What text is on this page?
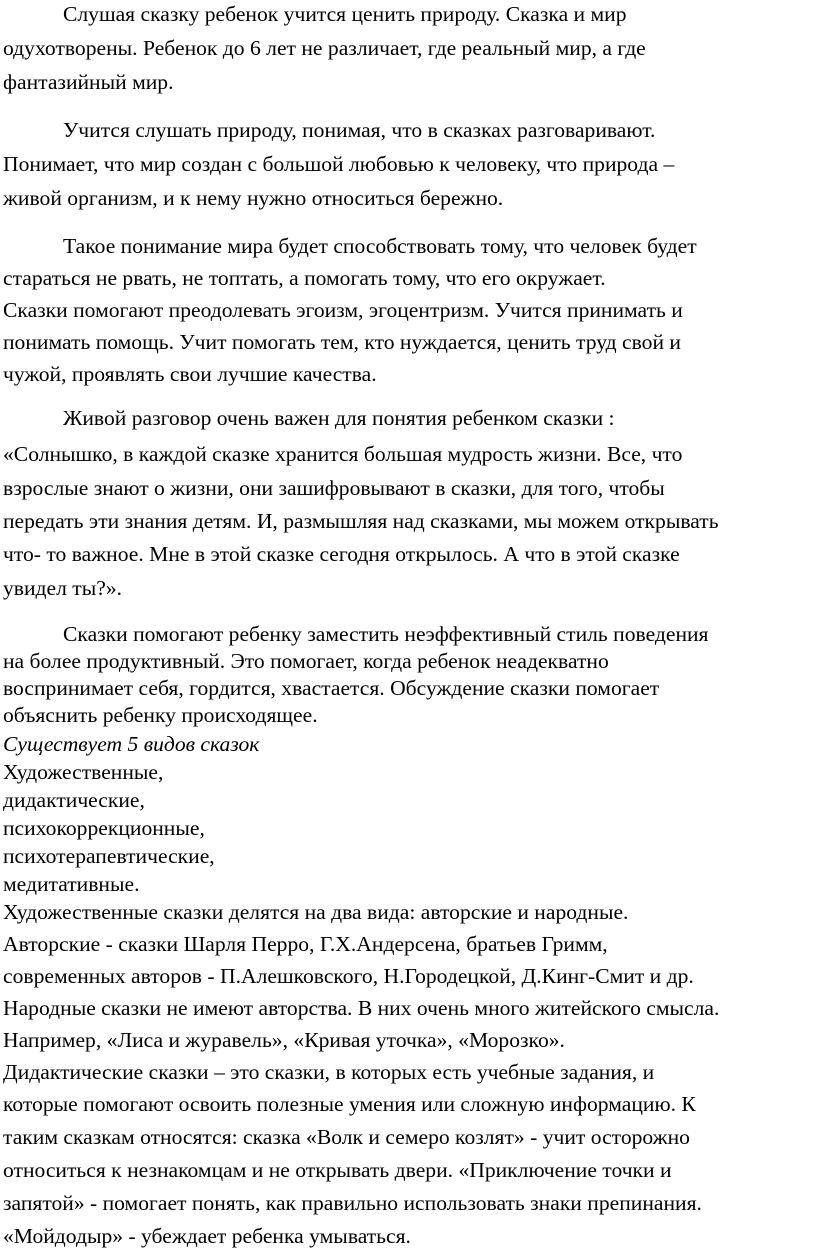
Слушая сказку ребенок учится ценить природу. Сказка и мир
одухотворены. Ребенок до 6 лет не различает, где реальный мир, а где
фантазийный мир.
Учится слушать природу, понимая, что в сказках разговаривают.
Понимает, что мир создан с большой любовью к человеку, что природа –
живой организм, и к нему нужно относиться бережно.
Такое понимание мира будет способствовать тому, что человек будет
стараться не рвать, не топтать, а помогать тому, что его окружает.
Сказки помогают преодолевать эгоизм, эгоцентризм. Учится принимать и
понимать помощь. Учит помогать тем, кто нуждается, ценить труд свой и
чужой, проявлять свои лучшие качества.
Живой разговор очень важен для понятия ребенком сказки :
«Солнышко, в каждой сказке хранится большая мудрость жизни. Все, что
взрослые знают о жизни, они зашифровывают в сказки, для того, чтобы
передать эти знания детям. И, размышляя над сказками, мы можем открывать
что- то важное. Мне в этой сказке сегодня открылось. А что в этой сказке
увидел ты?».
Сказки помогают ребенку заместить неэффективный стиль поведения
на более продуктивный. Это помогает, когда ребенок неадекватно
воспринимает себя, гордится, хвастается. Обсуждение сказки помогает
объяснить ребенку происходящее.
Существует 5 видов сказок
Художественные,
дидактические,
психокоррекционные,
психотерапевтические,
медитативные.
Художественные сказки делятся на два вида: авторские и народные.
Авторские - сказки Шарля Перро, Г.Х.Андерсена, братьев Гримм,
современных авторов - П.Алешковского, Н.Городецкой, Д.Кинг-Смит и др.
Народные сказки не имеют авторства. В них очень много житейского смысла.
Например, «Лиса и журавель», «Кривая уточка», «Морозко».
Дидактические сказки – это сказки, в которых есть учебные задания, и
которые помогают освоить полезные умения или сложную информацию. К
таким сказкам относятся: сказка «Волк и семеро козлят» - учит осторожно
относиться к незнакомцам и не открывать двери. «Приключение точки и
запятой» - помогает понять, как правильно использовать знаки препинания.
«Мойдодыр» - убеждает ребенка умываться.
